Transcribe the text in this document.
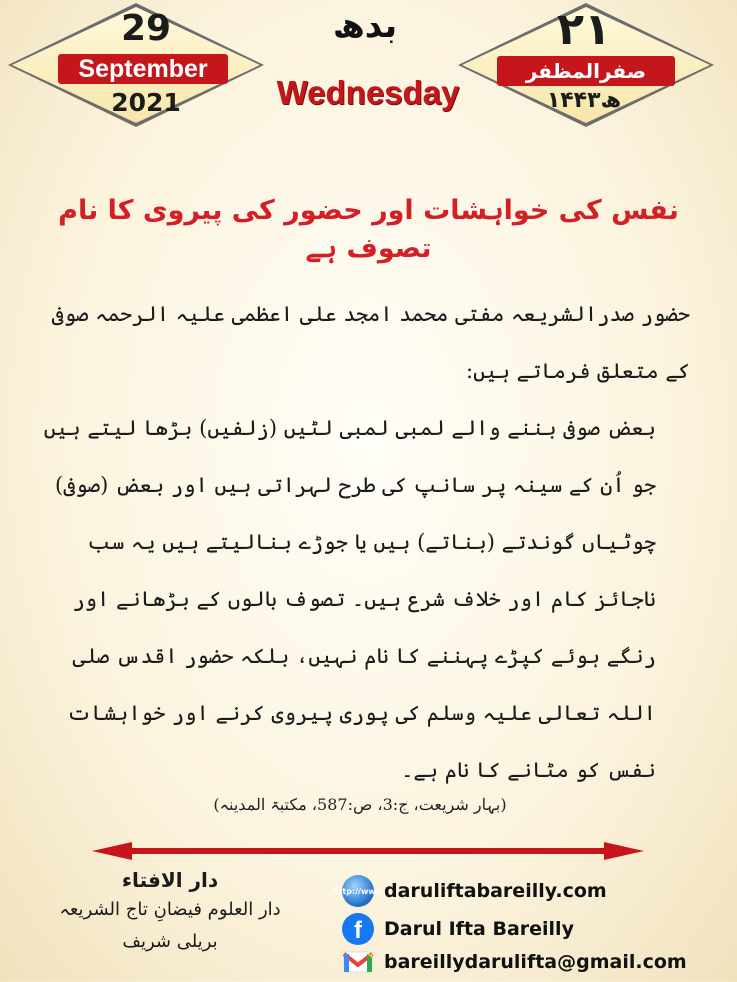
29
September
2021
٢١
صفرالمظفر
۱۴۴۳ھ
بدھ
Wednesday
نفس کی خواہشات اور حضور کی پیروی کا نام تصوف ہے

حضور صدرالشریعہ مفتی محمد امجد علی اعظمی علیہ الرحمہ صوفی کے متعلق فرماتے ہیں:

بعض صوفی بننے والے لمبی لمبی لٹیں (زلفیں) بڑھا لیتے ہیں جو اُن کے سینہ پر سانپ کی طرح لہراتی ہیں اور بعض (صوفی) چوٹیاں گوندتے (بناتے) ہیں یا جوڑے بنالیتے ہیں یہ سب ناجائز کام اور خلاف شرع ہیں۔ تصوف بالوں کے بڑھانے اور رنگے ہوئے کپڑے پہننے کا نام نہیں، بلکہ حضور اقدس صلی اللہ تعالی علیہ وسلم کی پوری پیروی کرنے اور خواہشات نفس کو مٹانے کا نام ہے۔

(بہار شریعت، ج:3، ص:587، مکتبۃ المدینہ)
دار الافتاء
دار العلوم فیضانِ تاج الشریعہ
بریلی شریف
http://www daruliftabareilly.com
f	Darul Ifta Bareilly
bareillydarulifta@gmail.com
